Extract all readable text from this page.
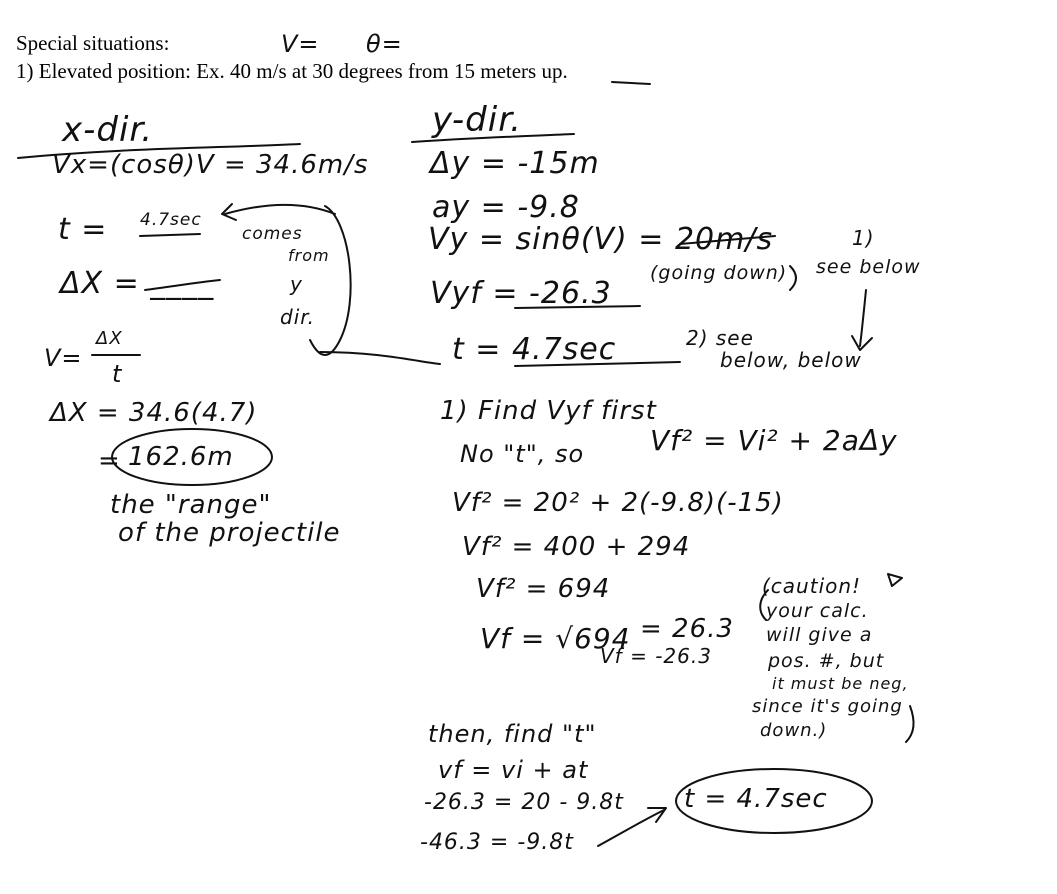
Special situations:	V= θ=
1) Elevated position: Ex. 40 m/s at 30 degrees from 15 meters up.
x-dir.
Vx=(cosθ)V = 34.6m/s
t = 4.7sec
comes
from
y
dir.
ΔX = ____
V=
ΔX
t
ΔX = 34.6(4.7)
= 162.6m
the "range"
of the projectile
y-dir.
Δy = -15m
ay = -9.8
Vy = sinθ(V) = 20m/s
Vyf = -26.3
(going down)
1)
see below
t = 4.7sec	2) see
below, below
1) Find Vyf first
No "t", so Vf² = Vi² + 2aΔy
Vf² = 20² + 2(-9.8)(-15)
Vf² = 400 + 294
Vf² = 694
Vf = √694 = 26.3
Vf = -26.3
(caution!
your calc.
will give a
pos. #, but
it must be neg,
since it's going
down.)
then, find "t"
vf = vi + at
-26.3 = 20 - 9.8t
-46.3 = -9.8t
t = 4.7sec
